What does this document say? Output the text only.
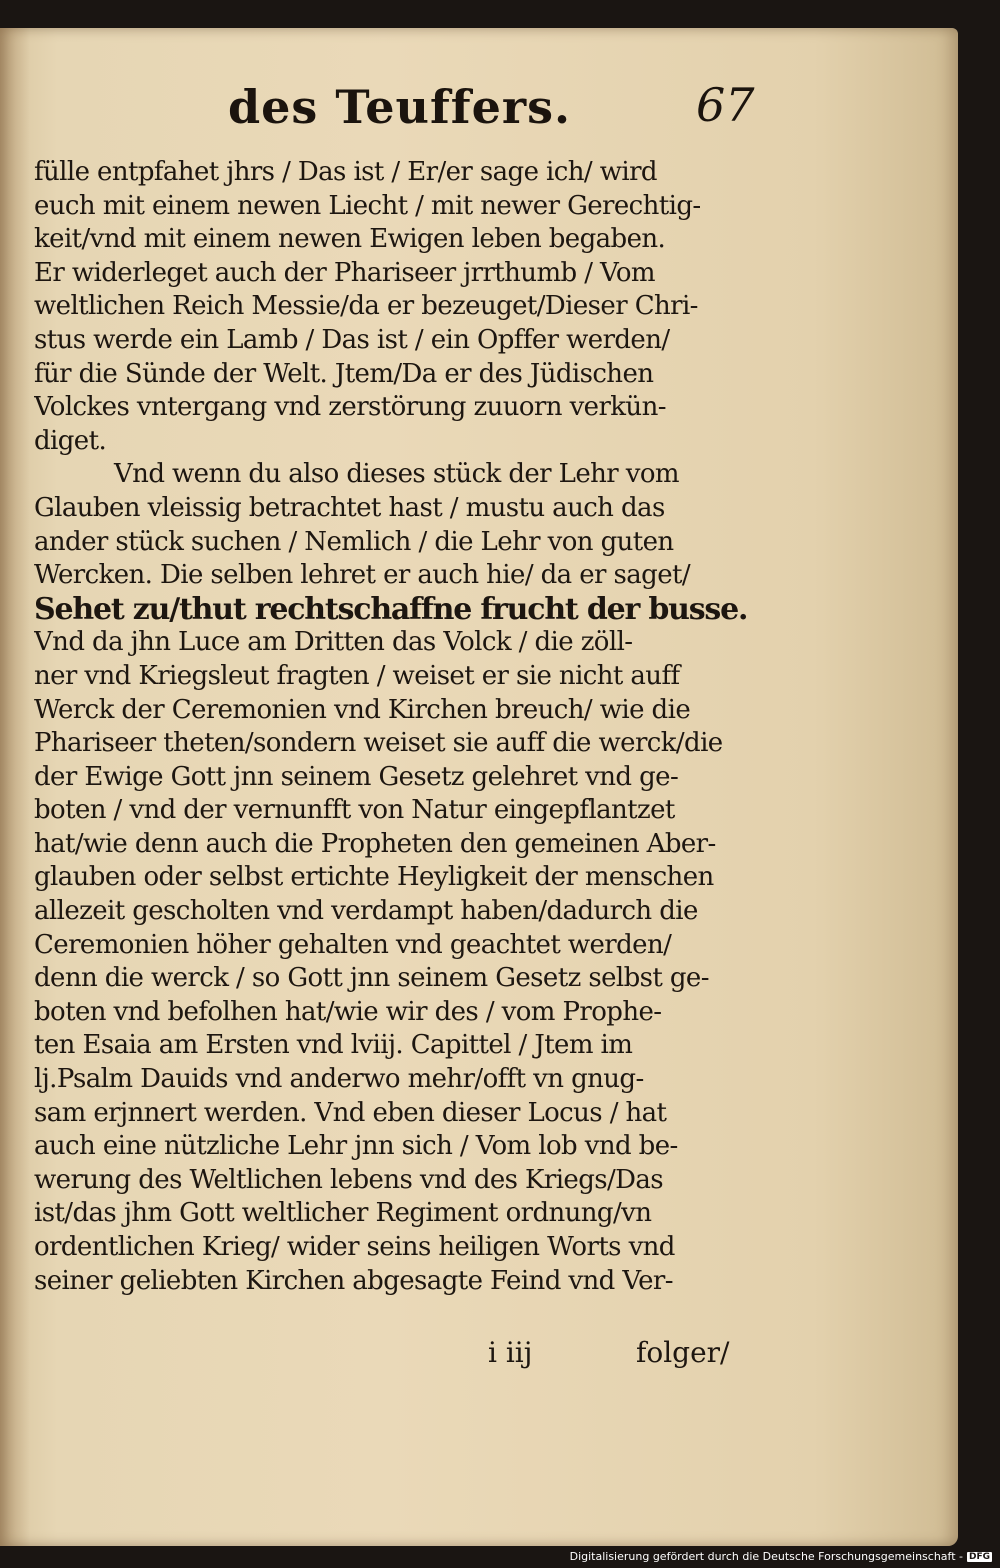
des Teuffers.	67
fülle entpfahet jhrs / Das ist / Er/er sage ich/ wird
euch mit einem newen Liecht / mit newer Gerechtig-
keit/vnd mit einem newen Ewigen leben begaben.
Er widerleget auch der Phariseer jrrthumb / Vom
weltlichen Reich Messie/da er bezeuget/Dieser Chri-
stus werde ein Lamb / Das ist / ein Opffer werden/
für die Sünde der Welt. Jtem/Da er des Jüdischen
Volckes vntergang vnd zerstörung zuuorn verkün-
diget.
Vnd wenn du also dieses stück der Lehr vom
Glauben vleissig betrachtet hast / mustu auch das
ander stück suchen / Nemlich / die Lehr von guten
Wercken. Die selben lehret er auch hie/ da er saget/
Sehet zu/thut rechtschaffne frucht der busse.
Vnd da jhn Luce am Dritten das Volck / die zöll-
ner vnd Kriegsleut fragten / weiset er sie nicht auff
Werck der Ceremonien vnd Kirchen breuch/ wie die
Phariseer theten/sondern weiset sie auff die werck/die
der Ewige Gott jnn seinem Gesetz gelehret vnd ge-
boten / vnd der vernunfft von Natur eingepflantzet
hat/wie denn auch die Propheten den gemeinen Aber-
glauben oder selbst ertichte Heyligkeit der menschen
allezeit gescholten vnd verdampt haben/dadurch die
Ceremonien höher gehalten vnd geachtet werden/
denn die werck / so Gott jnn seinem Gesetz selbst ge-
boten vnd befolhen hat/wie wir des / vom Prophe-
ten Esaia am Ersten vnd lviij. Capittel / Jtem im
lj.Psalm Dauids vnd anderwo mehr/offt vn gnug-
sam erjnnert werden. Vnd eben dieser Locus / hat
auch eine nützliche Lehr jnn sich / Vom lob vnd be-
werung des Weltlichen lebens vnd des Kriegs/Das
ist/das jhm Gott weltlicher Regiment ordnung/vn
ordentlichen Krieg/ wider seins heiligen Worts vnd
seiner geliebten Kirchen abgesagte Feind vnd Ver-
i iij	folger/
Digitalisierung gefördert durch die Deutsche Forschungsgemeinschaft - DFG
